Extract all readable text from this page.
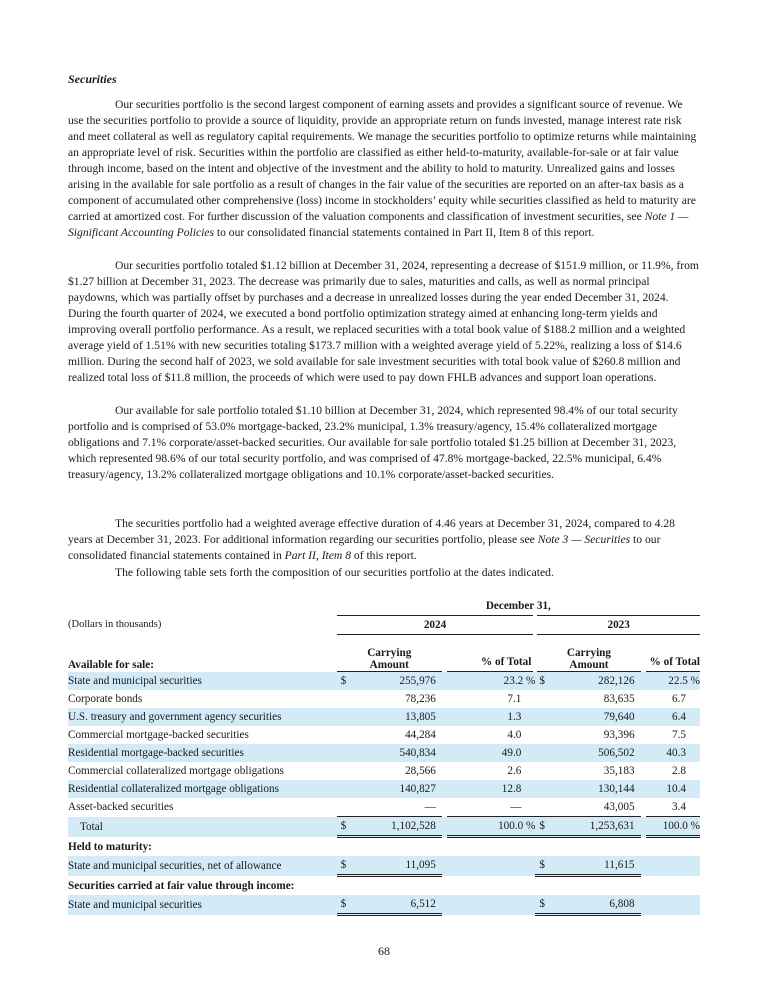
Securities

Our securities portfolio is the second largest component of earning assets and provides a significant source of revenue. We use the securities portfolio to provide a source of liquidity, provide an appropriate return on funds invested, manage interest rate risk and meet collateral as well as regulatory capital requirements. We manage the securities portfolio to optimize returns while maintaining an appropriate level of risk. Securities within the portfolio are classified as either held-to-maturity, available-for-sale or at fair value through income, based on the intent and objective of the investment and the ability to hold to maturity. Unrealized gains and losses arising in the available for sale portfolio as a result of changes in the fair value of the securities are reported on an after-tax basis as a component of accumulated other comprehensive (loss) income in stockholders’ equity while securities classified as held to maturity are carried at amortized cost. For further discussion of the valuation components and classification of investment securities, see Note 1 — Significant Accounting Policies to our consolidated financial statements contained in Part II, Item 8 of this report.

Our securities portfolio totaled $1.12 billion at December 31, 2024, representing a decrease of $151.9 million, or 11.9%, from $1.27 billion at December 31, 2023. The decrease was primarily due to sales, maturities and calls, as well as normal principal paydowns, which was partially offset by purchases and a decrease in unrealized losses during the year ended December 31, 2024. During the fourth quarter of 2024, we executed a bond portfolio optimization strategy aimed at enhancing long-term yields and improving overall portfolio performance. As a result, we replaced securities with a total book value of $188.2 million and a weighted average yield of 1.51% with new securities totaling $173.7 million with a weighted average yield of 5.22%, realizing a loss of $14.6 million. During the second half of 2023, we sold available for sale investment securities with total book value of $260.8 million and realized total loss of $11.8 million, the proceeds of which were used to pay down FHLB advances and support loan operations.

Our available for sale portfolio totaled $1.10 billion at December 31, 2024, which represented 98.4% of our total security portfolio and is comprised of 53.0% mortgage-backed, 23.2% municipal, 1.3% treasury/agency, 15.4% collateralized mortgage obligations and 7.1% corporate/asset-backed securities. Our available for sale portfolio totaled $1.25 billion at December 31, 2023, which represented 98.6% of our total security portfolio, and was comprised of 47.8% mortgage-backed, 22.5% municipal, 6.4% treasury/agency, 13.2% collateralized mortgage obligations and 10.1% corporate/asset-backed securities.

The securities portfolio had a weighted average effective duration of 4.46 years at December 31, 2024, compared to 4.28 years at December 31, 2023. For additional information regarding our securities portfolio, please see Note 3 — Securities to our consolidated financial statements contained in Part II, Item 8 of this report.

The following table sets forth the composition of our securities portfolio at the dates indicated.

	December 31,							
(Dollars in thousands)	2024				2023			
Available for sale:	Carrying
Amount			% of Total	Carrying
Amount			% of Total
State and municipal securities	$	255,976		23.2 %	$	282,126		22.5 %
Corporate bonds		78,236		7.1		83,635		6.7
U.S. treasury and government agency securities		13,805		1.3		79,640		6.4
Commercial mortgage-backed securities		44,284		4.0		93,396		7.5
Residential mortgage-backed securities		540,834		49.0		506,502		40.3
Commercial collateralized mortgage obligations		28,566		2.6		35,183		2.8
Residential collateralized mortgage obligations		140,827		12.8		130,144		10.4
Asset-backed securities		—		—		43,005		3.4
Total	$	1,102,528		100.0 %	$	1,253,631		100.0 %
Held to maturity:								
State and municipal securities, net of allowance	$	11,095			$	11,615		
Securities carried at fair value through income:								
State and municipal securities	$	6,512			$	6,808		
68
